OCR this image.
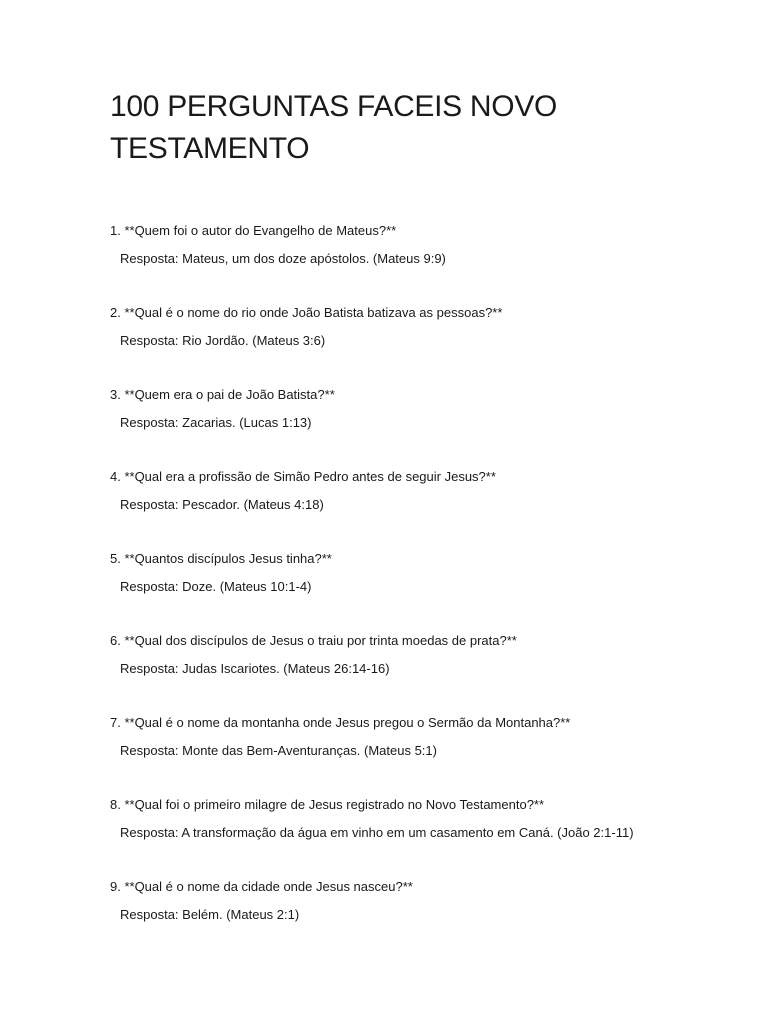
100 PERGUNTAS FACEIS NOVO TESTAMENTO
1. **Quem foi o autor do Evangelho de Mateus?**
Resposta: Mateus, um dos doze apóstolos. (Mateus 9:9)
2. **Qual é o nome do rio onde João Batista batizava as pessoas?**
Resposta: Rio Jordão. (Mateus 3:6)
3. **Quem era o pai de João Batista?**
Resposta: Zacarias. (Lucas 1:13)
4. **Qual era a profissão de Simão Pedro antes de seguir Jesus?**
Resposta: Pescador. (Mateus 4:18)
5. **Quantos discípulos Jesus tinha?**
Resposta: Doze. (Mateus 10:1-4)
6. **Qual dos discípulos de Jesus o traiu por trinta moedas de prata?**
Resposta: Judas Iscariotes. (Mateus 26:14-16)
7. **Qual é o nome da montanha onde Jesus pregou o Sermão da Montanha?**
Resposta: Monte das Bem-Aventuranças. (Mateus 5:1)
8. **Qual foi o primeiro milagre de Jesus registrado no Novo Testamento?**
Resposta: A transformação da água em vinho em um casamento em Caná. (João 2:1-11)
9. **Qual é o nome da cidade onde Jesus nasceu?**
Resposta: Belém. (Mateus 2:1)
